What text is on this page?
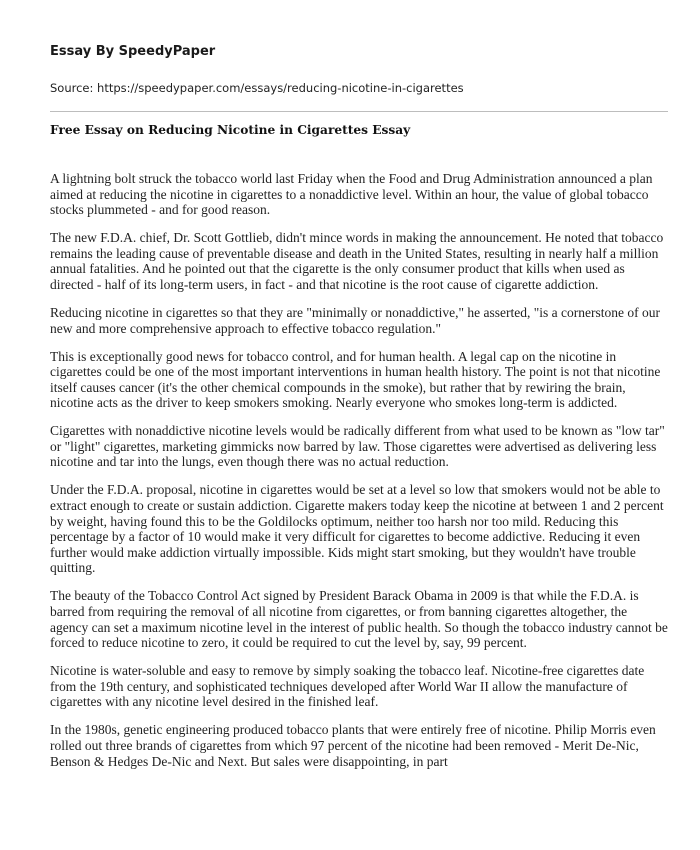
Essay By SpeedyPaper
Source: https://speedypaper.com/essays/reducing-nicotine-in-cigarettes
Free Essay on Reducing Nicotine in Cigarettes Essay

A lightning bolt struck the tobacco world last Friday when the Food and Drug Administration announced a plan aimed at reducing the nicotine in cigarettes to a nonaddictive level. Within an hour, the value of global tobacco stocks plummeted - and for good reason.

The new F.D.A. chief, Dr. Scott Gottlieb, didn't mince words in making the announcement. He noted that tobacco remains the leading cause of preventable disease and death in the United States, resulting in nearly half a million annual fatalities. And he pointed out that the cigarette is the only consumer product that kills when used as directed - half of its long-term users, in fact - and that nicotine is the root cause of cigarette addiction.

Reducing nicotine in cigarettes so that they are "minimally or nonaddictive," he asserted, "is a cornerstone of our new and more comprehensive approach to effective tobacco regulation."

This is exceptionally good news for tobacco control, and for human health. A legal cap on the nicotine in cigarettes could be one of the most important interventions in human health history. The point is not that nicotine itself causes cancer (it's the other chemical compounds in the smoke), but rather that by rewiring the brain, nicotine acts as the driver to keep smokers smoking. Nearly everyone who smokes long-term is addicted.

Cigarettes with nonaddictive nicotine levels would be radically different from what used to be known as "low tar" or "light" cigarettes, marketing gimmicks now barred by law. Those cigarettes were advertised as delivering less nicotine and tar into the lungs, even though there was no actual reduction.

Under the F.D.A. proposal, nicotine in cigarettes would be set at a level so low that smokers would not be able to extract enough to create or sustain addiction. Cigarette makers today keep the nicotine at between 1 and 2 percent by weight, having found this to be the Goldilocks optimum, neither too harsh nor too mild. Reducing this percentage by a factor of 10 would make it very difficult for cigarettes to become addictive. Reducing it even further would make addiction virtually impossible. Kids might start smoking, but they wouldn't have trouble quitting.

The beauty of the Tobacco Control Act signed by President Barack Obama in 2009 is that while the F.D.A. is barred from requiring the removal of all nicotine from cigarettes, or from banning cigarettes altogether, the agency can set a maximum nicotine level in the interest of public health. So though the tobacco industry cannot be forced to reduce nicotine to zero, it could be required to cut the level by, say, 99 percent.

Nicotine is water-soluble and easy to remove by simply soaking the tobacco leaf. Nicotine-free cigarettes date from the 19th century, and sophisticated techniques developed after World War II allow the manufacture of cigarettes with any nicotine level desired in the finished leaf.

In the 1980s, genetic engineering produced tobacco plants that were entirely free of nicotine. Philip Morris even rolled out three brands of cigarettes from which 97 percent of the nicotine had been removed - Merit De-Nic, Benson & Hedges De-Nic and Next. But sales were disappointing, in part
